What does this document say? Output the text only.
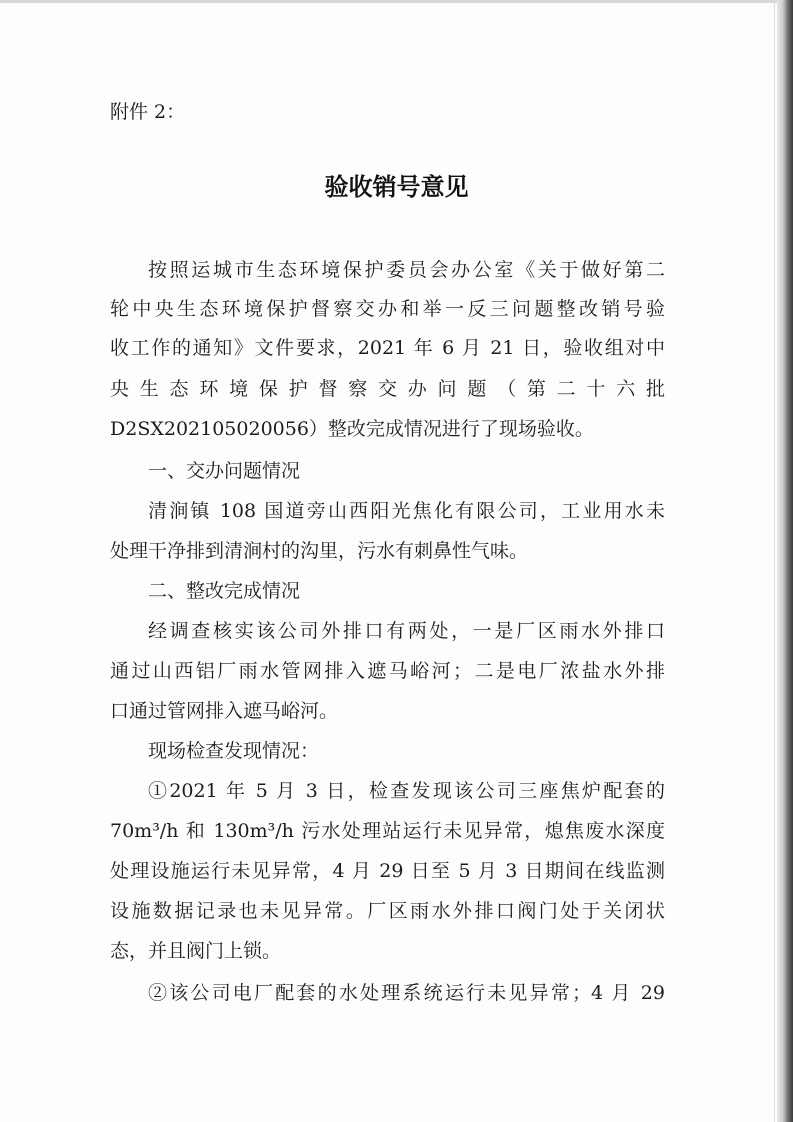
附件 2：
验收销号意见
按照运城市生态环境保护委员会办公室《关于做好第二
轮中央生态环境保护督察交办和举一反三问题整改销号验
收工作的通知》文件要求，2021 年 6 月 21 日，验收组对中
央生态环境保护督察交办问题（第二十六批
D2SX202105020056）整改完成情况进行了现场验收。
一、交办问题情况
清涧镇 108 国道旁山西阳光焦化有限公司，工业用水未
处理干净排到清涧村的沟里，污水有刺鼻性气味。
二、整改完成情况
经调查核实该公司外排口有两处，一是厂区雨水外排口
通过山西铝厂雨水管网排入遮马峪河；二是电厂浓盐水外排
口通过管网排入遮马峪河。
现场检查发现情况：
①2021 年 5 月 3 日，检查发现该公司三座焦炉配套的
70m³/h 和 130m³/h 污水处理站运行未见异常，熄焦废水深度
处理设施运行未见异常，4 月 29 日至 5 月 3 日期间在线监测
设施数据记录也未见异常。厂区雨水外排口阀门处于关闭状
态，并且阀门上锁。
②该公司电厂配套的水处理系统运行未见异常；4 月 29
